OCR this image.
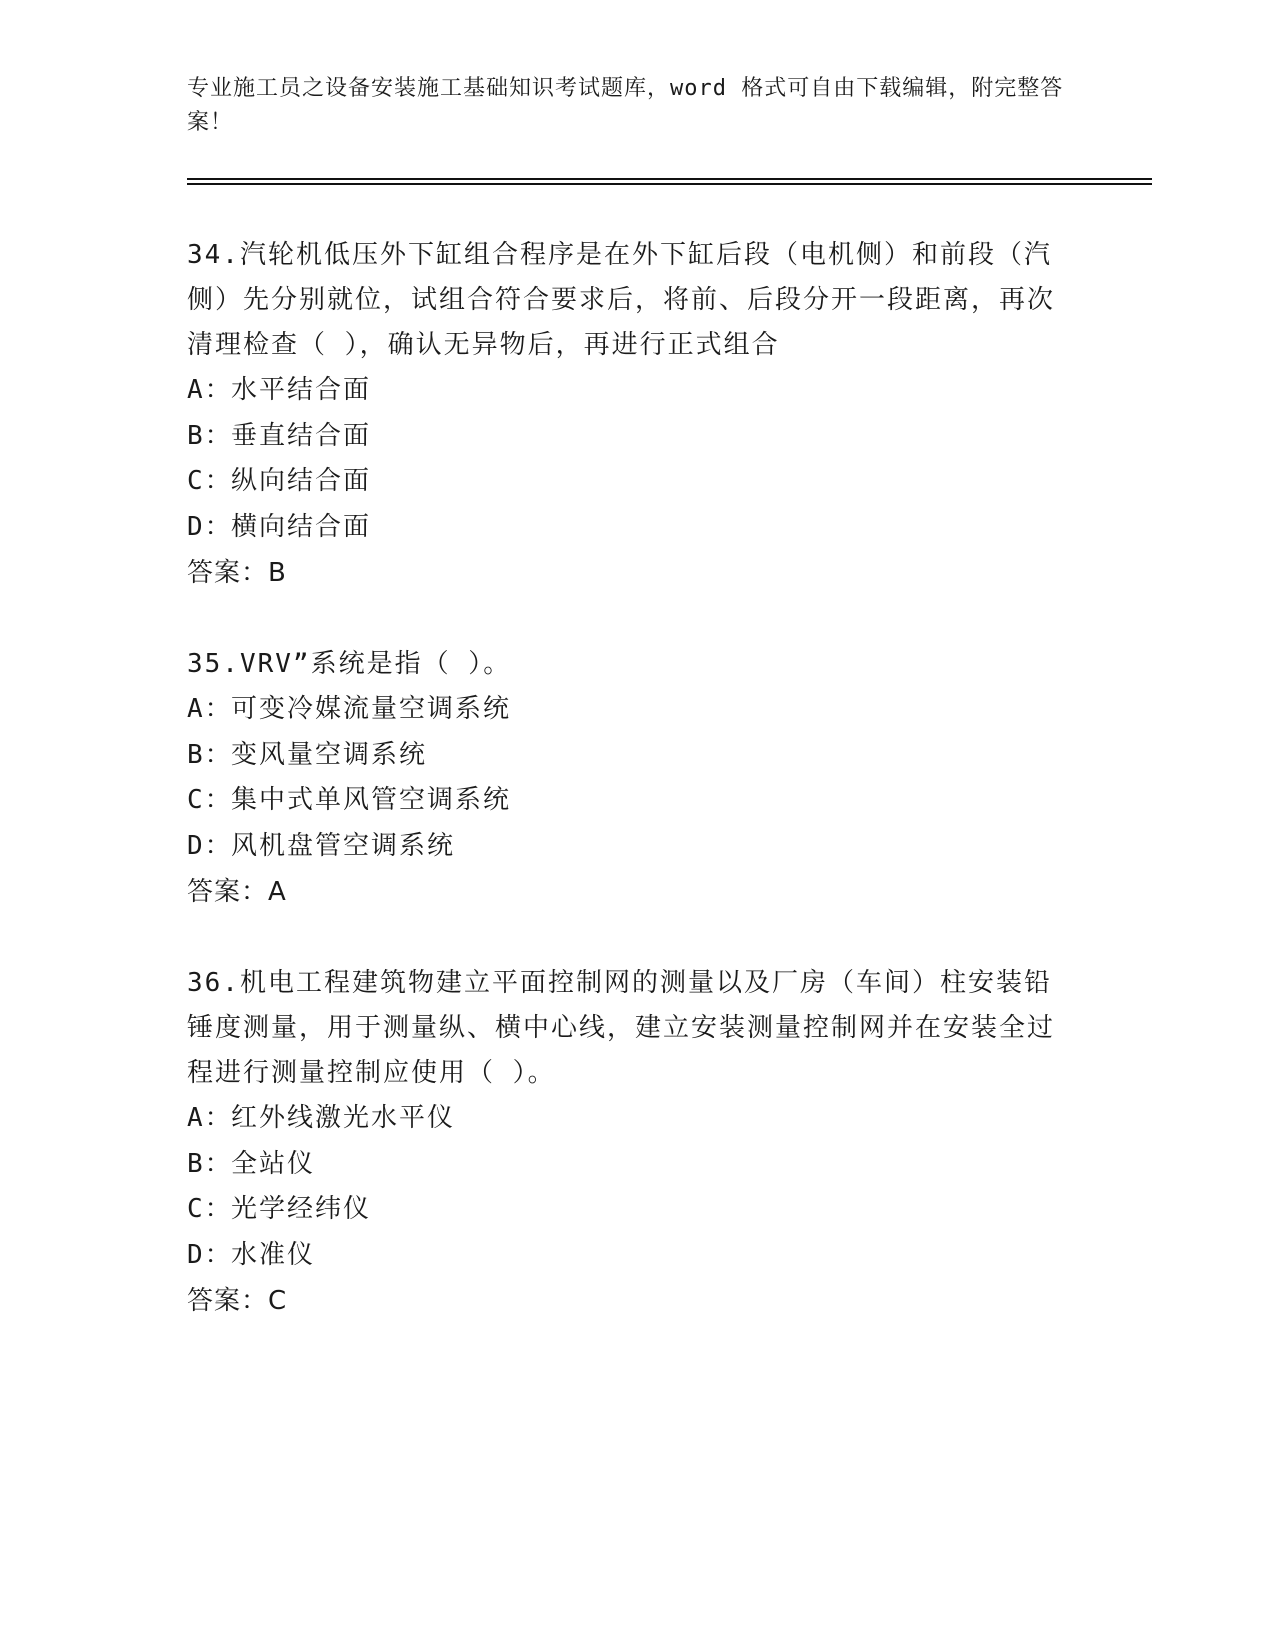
专业施工员之设备安装施工基础知识考试题库，word 格式可自由下载编辑，附完整答案！
34.汽轮机低压外下缸组合程序是在外下缸后段（电机侧）和前段（汽侧）先分别就位，试组合符合要求后，将前、后段分开一段距离，再次清理检查（ ），确认无异物后，再进行正式组合
A：
水平结合面
B：
垂直结合面
C：
纵向结合面
D：
横向结合面
答案：B
35.VRV”系统是指（ ）。
A：
可变冷媒流量空调系统
B：
变风量空调系统
C：
集中式单风管空调系统
D：
风机盘管空调系统
答案：A
36.机电工程建筑物建立平面控制网的测量以及厂房（车间）柱安装铅锤度测量，用于测量纵、横中心线，建立安装测量控制网并在安装全过程进行测量控制应使用（ ）。
A：
红外线激光水平仪
B：
全站仪
C：
光学经纬仪
D：
水准仪
答案：C
